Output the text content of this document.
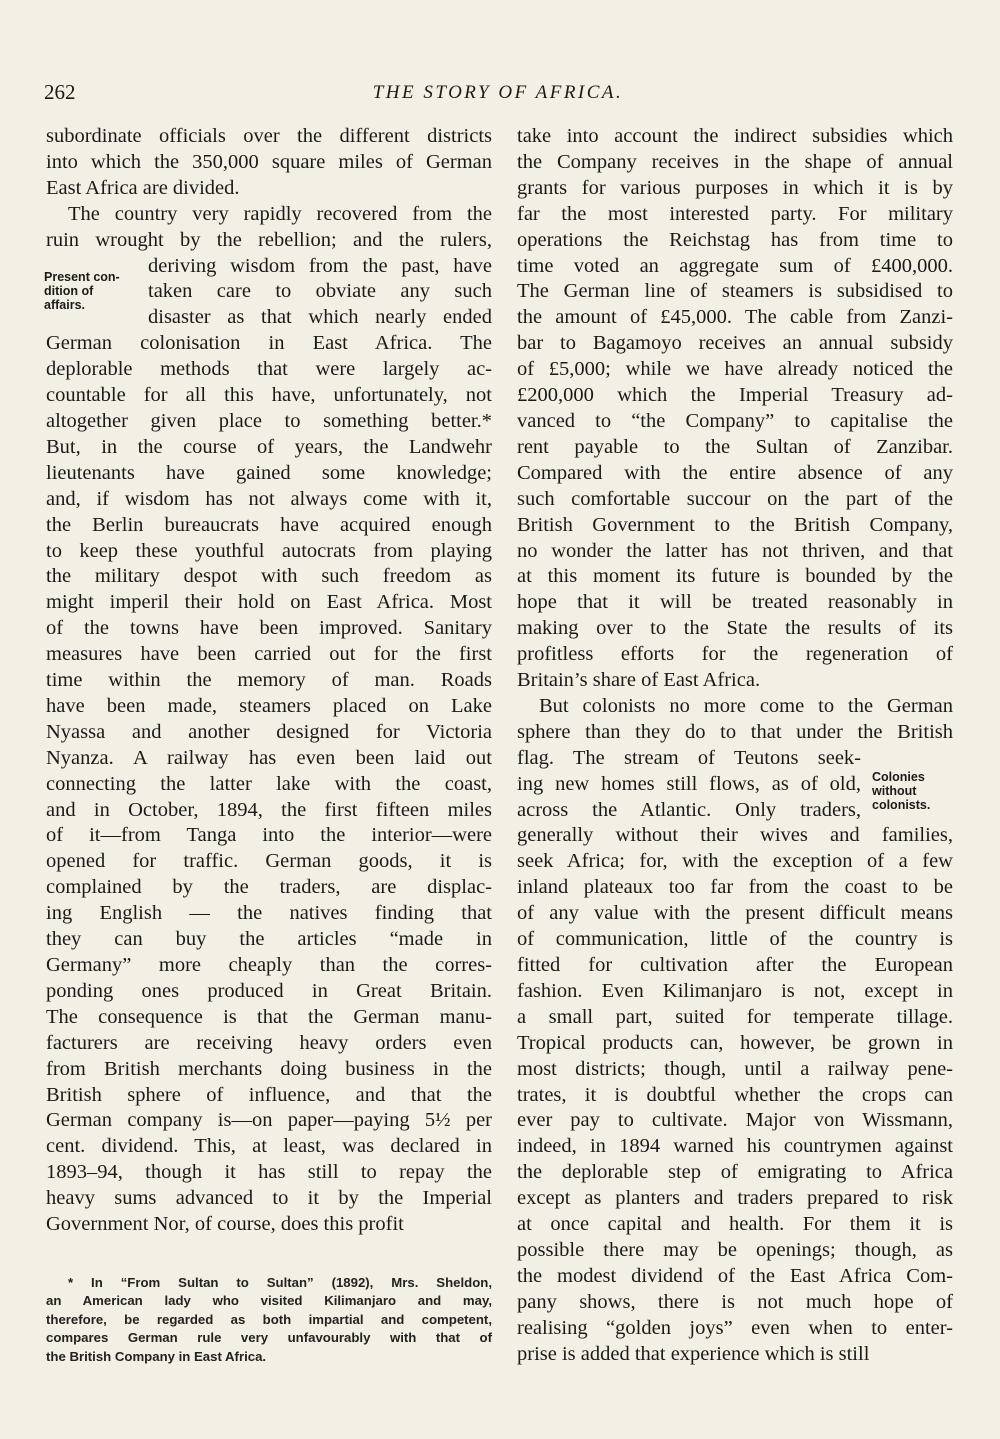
262	THE STORY OF AFRICA.
Present con-
dition of
affairs.
Colonies
without
colonists.
subordinate officials over the different districts
into which the 350,000 square miles of German
East Africa are divided.
The country very rapidly recovered from the
ruin wrought by the rebellion; and the rulers,
deriving wisdom from the past, have
taken care to obviate any such
disaster as that which nearly ended
German colonisation in East Africa. The
deplorable methods that were largely ac-
countable for all this have, unfortunately, not
altogether given place to something better.*
But, in the course of years, the Landwehr
lieutenants have gained some knowledge;
and, if wisdom has not always come with it,
the Berlin bureaucrats have acquired enough
to keep these youthful autocrats from playing
the military despot with such freedom as
might imperil their hold on East Africa. Most
of the towns have been improved. Sanitary
measures have been carried out for the first
time within the memory of man. Roads
have been made, steamers placed on Lake
Nyassa and another designed for Victoria
Nyanza. A railway has even been laid out
connecting the latter lake with the coast,
and in October, 1894, the first fifteen miles
of it—from Tanga into the interior—were
opened for traffic. German goods, it is
complained by the traders, are displac-
ing English — the natives finding that
they can buy the articles “made in
Germany” more cheaply than the corres-
ponding ones produced in Great Britain.
The consequence is that the German manu-
facturers are receiving heavy orders even
from British merchants doing business in the
British sphere of influence, and that the
German company is—on paper—paying 5½ per
cent. dividend. This, at least, was declared in
1893–94, though it has still to repay the
heavy sums advanced to it by the Imperial
Government Nor, of course, does this profit
take into account the indirect subsidies which
the Company receives in the shape of annual
grants for various purposes in which it is by
far the most interested party. For military
operations the Reichstag has from time to
time voted an aggregate sum of £400,000.
The German line of steamers is subsidised to
the amount of £45,000. The cable from Zanzi-
bar to Bagamoyo receives an annual subsidy
of £5,000; while we have already noticed the
£200,000 which the Imperial Treasury ad-
vanced to “the Company” to capitalise the
rent payable to the Sultan of Zanzibar.
Compared with the entire absence of any
such comfortable succour on the part of the
British Government to the British Company,
no wonder the latter has not thriven, and that
at this moment its future is bounded by the
hope that it will be treated reasonably in
making over to the State the results of its
profitless efforts for the regeneration of
Britain’s share of East Africa.
But colonists no more come to the German
sphere than they do to that under the British
flag. The stream of Teutons seek-
ing new homes still flows, as of old,
across the Atlantic. Only traders,
generally without their wives and families,
seek Africa; for, with the exception of a few
inland plateaux too far from the coast to be
of any value with the present difficult means
of communication, little of the country is
fitted for cultivation after the European
fashion. Even Kilimanjaro is not, except in
a small part, suited for temperate tillage.
Tropical products can, however, be grown in
most districts; though, until a railway pene-
trates, it is doubtful whether the crops can
ever pay to cultivate. Major von Wissmann,
indeed, in 1894 warned his countrymen against
the deplorable step of emigrating to Africa
except as planters and traders prepared to risk
at once capital and health. For them it is
possible there may be openings; though, as
the modest dividend of the East Africa Com-
pany shows, there is not much hope of
realising “golden joys” even when to enter-
prise is added that experience which is still
* In “From Sultan to Sultan” (1892), Mrs. Sheldon,
an American lady who visited Kilimanjaro and may,
therefore, be regarded as both impartial and competent,
compares German rule very unfavourably with that of
the British Company in East Africa.
